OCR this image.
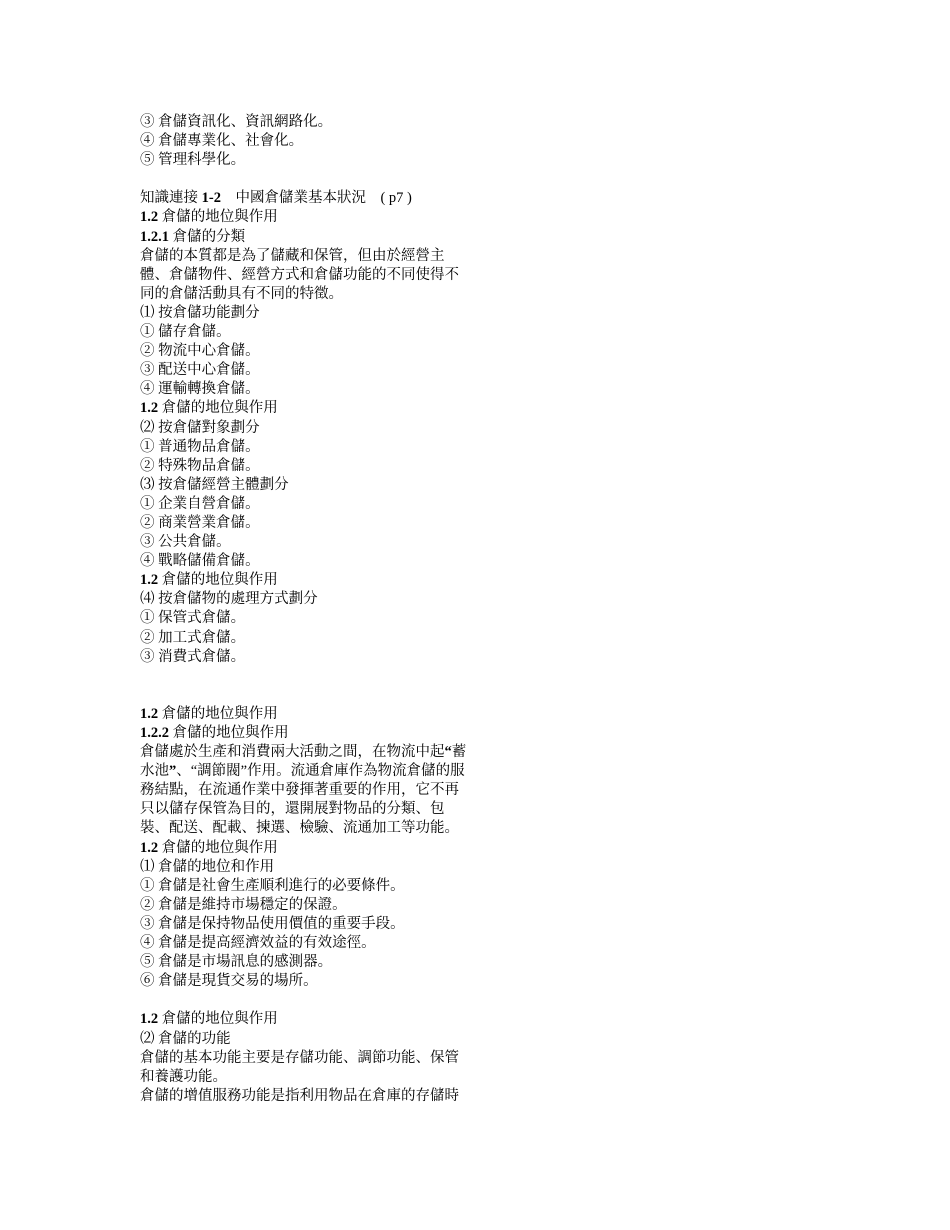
③ 倉儲資訊化、資訊網路化。
④ 倉儲專業化、社會化。
⑤ 管理科學化。
知識連接 1-2　中國倉儲業基本狀況　( p7 )
1.2 倉儲的地位與作用
1.2.1 倉儲的分類
倉儲的本質都是為了儲藏和保管，但由於經營主
體、倉儲物件、經營方式和倉儲功能的不同使得不
同的倉儲活動具有不同的特徵。
⑴ 按倉儲功能劃分
① 儲存倉儲。
② 物流中心倉儲。
③ 配送中心倉儲。
④ 運輸轉換倉儲。
1.2 倉儲的地位與作用
⑵ 按倉儲對象劃分
① 普通物品倉儲。
② 特殊物品倉儲。
⑶ 按倉儲經營主體劃分
① 企業自營倉儲。
② 商業營業倉儲。
③ 公共倉儲。
④ 戰略儲備倉儲。
1.2 倉儲的地位與作用
⑷ 按倉儲物的處理方式劃分
① 保管式倉儲。
② 加工式倉儲。
③ 消費式倉儲。
1.2 倉儲的地位與作用
1.2.2 倉儲的地位與作用
倉儲處於生產和消費兩大活動之間，在物流中起“蓄
水池”、“調節閥”作用。流通倉庫作為物流倉儲的服
務結點，在流通作業中發揮著重要的作用，它不再
只以儲存保管為目的，還開展對物品的分類、包
裝、配送、配載、揀選、檢驗、流通加工等功能。
1.2 倉儲的地位與作用
⑴ 倉儲的地位和作用
① 倉儲是社會生產順利進行的必要條件。
② 倉儲是維持市場穩定的保證。
③ 倉儲是保持物品使用價值的重要手段。
④ 倉儲是提高經濟效益的有效途徑。
⑤ 倉儲是市場訊息的感測器。
⑥ 倉儲是現貨交易的場所。
1.2 倉儲的地位與作用
⑵ 倉儲的功能
倉儲的基本功能主要是存儲功能、調節功能、保管
和養護功能。
倉儲的增值服務功能是指利用物品在倉庫的存儲時
